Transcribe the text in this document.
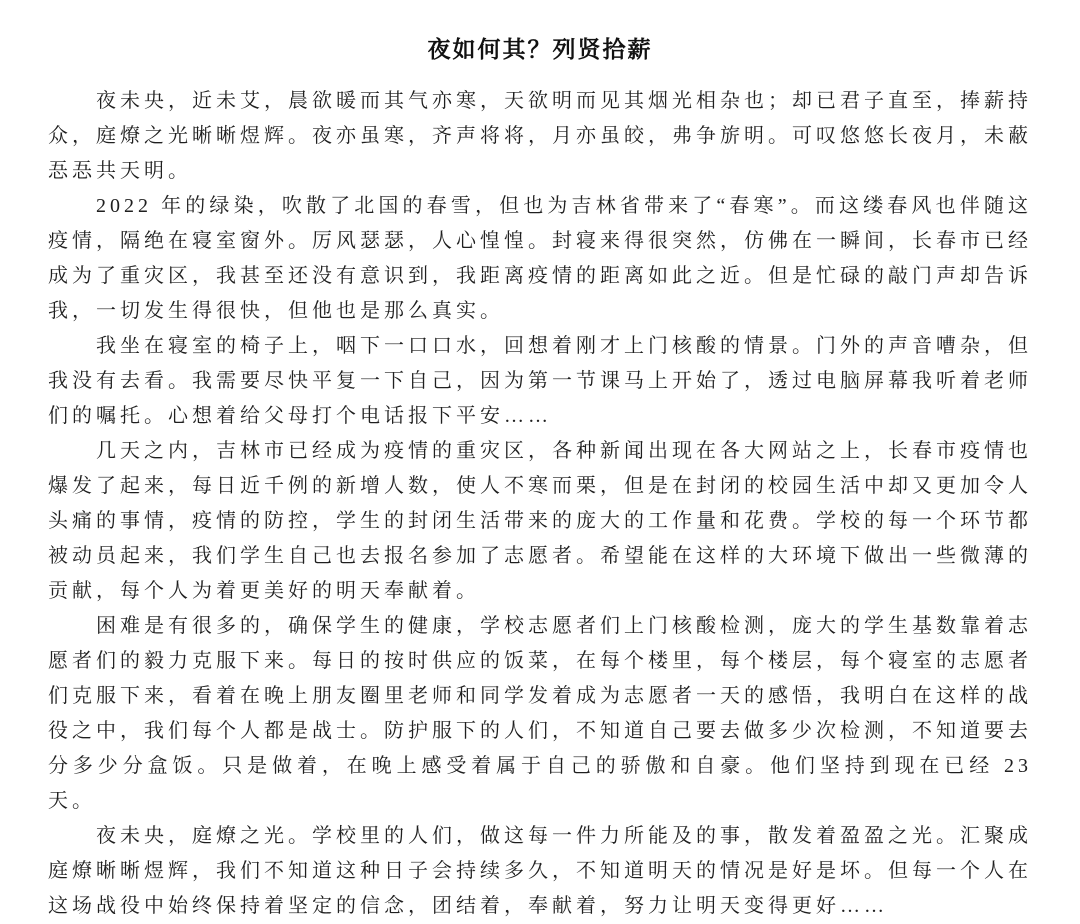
夜如何其？列贤拾薪

夜未央，近未艾，晨欲暖而其气亦寒，天欲明而见其烟光相杂也；却已君子直至，捧薪持众，庭燎之光晰晰煜辉。夜亦虽寒，齐声将将，月亦虽皎，弗争旂明。可叹悠悠长夜月，未蔽忢忢共天明。

2022 年的绿染，吹散了北国的春雪，但也为吉林省带来了“春寒”。而这缕春风也伴随这疫情，隔绝在寝室窗外。厉风瑟瑟，人心惶惶。封寝来得很突然，仿佛在一瞬间，长春市已经成为了重灾区，我甚至还没有意识到，我距离疫情的距离如此之近。但是忙碌的敲门声却告诉我，一切发生得很快，但他也是那么真实。

我坐在寝室的椅子上，咽下一口口水，回想着刚才上门核酸的情景。门外的声音嘈杂，但我没有去看。我需要尽快平复一下自己，因为第一节课马上开始了，透过电脑屏幕我听着老师们的嘱托。心想着给父母打个电话报下平安……

几天之内，吉林市已经成为疫情的重灾区，各种新闻出现在各大网站之上，长春市疫情也爆发了起来，每日近千例的新增人数，使人不寒而栗，但是在封闭的校园生活中却又更加令人头痛的事情，疫情的防控，学生的封闭生活带来的庞大的工作量和花费。学校的每一个环节都被动员起来，我们学生自己也去报名参加了志愿者。希望能在这样的大环境下做出一些微薄的贡献，每个人为着更美好的明天奉献着。

困难是有很多的，确保学生的健康，学校志愿者们上门核酸检测，庞大的学生基数靠着志愿者们的毅力克服下来。每日的按时供应的饭菜，在每个楼里，每个楼层，每个寝室的志愿者们克服下来，看着在晚上朋友圈里老师和同学发着成为志愿者一天的感悟，我明白在这样的战役之中，我们每个人都是战士。防护服下的人们，不知道自己要去做多少次检测，不知道要去分多少分盒饭。只是做着，在晚上感受着属于自己的骄傲和自豪。他们坚持到现在已经 23 天。

夜未央，庭燎之光。学校里的人们，做这每一件力所能及的事，散发着盈盈之光。汇聚成庭燎晰晰煜辉，我们不知道这种日子会持续多久，不知道明天的情况是好是坏。但每一个人在这场战役中始终保持着坚定的信念，团结着，奉献着，努力让明天变得更好……
